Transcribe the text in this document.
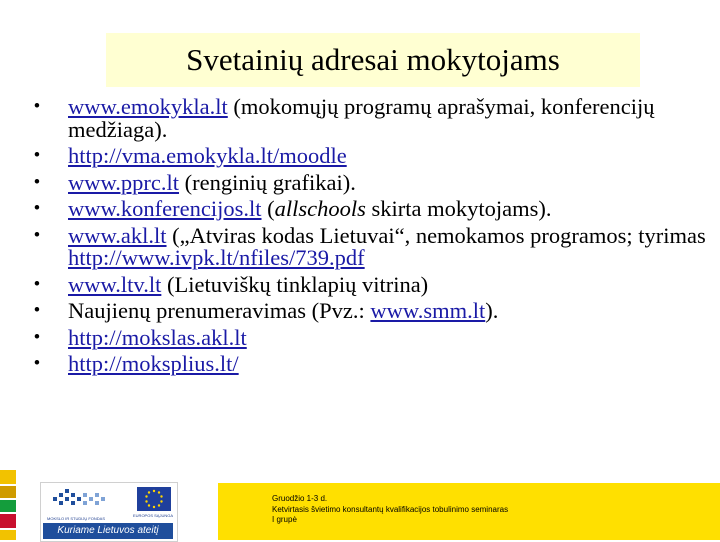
Svetainių adresai mokytojams
• www.emokykla.lt (mokomųjų programų aprašymai, konferencijų medžiaga).
• http://vma.emokykla.lt/moodle
• www.pprc.lt (renginių grafikai).
• www.konferencijos.lt (allschools skirta mokytojams).
• www.akl.lt („Atviras kodas Lietuvai“, nemokamos programos; tyrimas http://www.ivpk.lt/nfiles/739.pdf
• www.ltv.lt (Lietuviškų tinklapių vitrina)
• Naujienų prenumeravimas (Pvz.: www.smm.lt).
• http://mokslas.akl.lt
• http://moksplius.lt/
MOKSLO IR STUDIJŲ FONDAS
EUROPOS SĄJUNGA
Kuriame Lietuvos ateitį
Gruodžio 1-3 d.
Ketvirtasis švietimo konsultantų kvalifikacijos tobulinimo seminaras
I grupė
